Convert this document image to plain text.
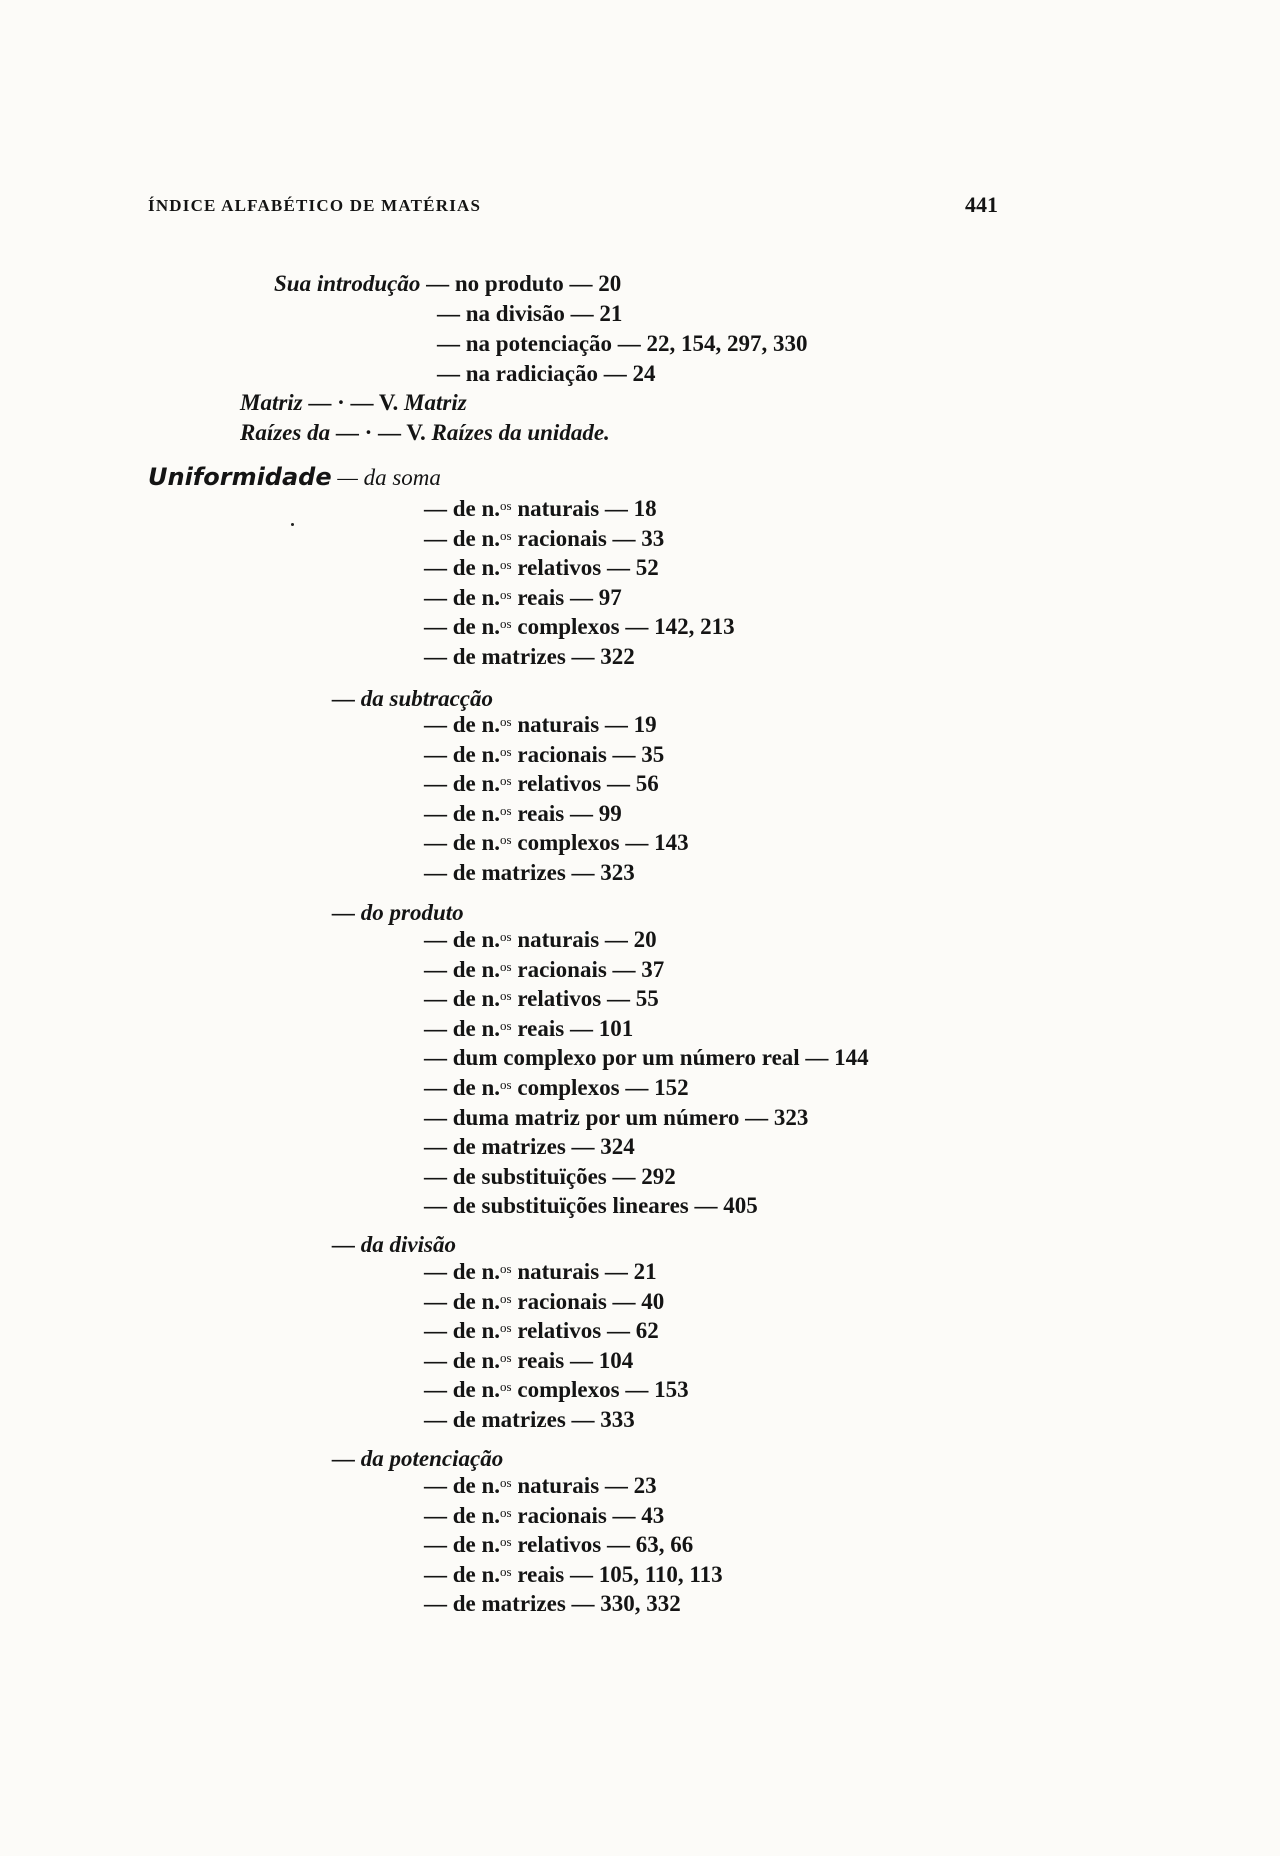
ÍNDICE ALFABÉTICO DE MATÉRIAS	441
Sua introdução — no produto — 20
— na divisão — 21
— na potenciação — 22, 154, 297, 330
— na radiciação — 24
Matriz — · — V. Matriz
Raízes da — · — V. Raízes da unidade.
Uniformidade — da soma
— de n.$^{os}$ naturais — 18
— de n.$^{os}$ racionais — 33
— de n.$^{os}$ relativos — 52
— de n.$^{os}$ reais — 97
— de n.$^{os}$ complexos — 142, 213
— de matrizes — 322
— da subtracção
— de n.$^{os}$ naturais — 19
— de n.$^{os}$ racionais — 35
— de n.$^{os}$ relativos — 56
— de n.$^{os}$ reais — 99
— de n.$^{os}$ complexos — 143
— de matrizes — 323
— do produto
— de n.$^{os}$ naturais — 20
— de n.$^{os}$ racionais — 37
— de n.$^{os}$ relativos — 55
— de n.$^{os}$ reais — 101
— dum complexo por um número real — 144
— de n.$^{os}$ complexos — 152
— duma matriz por um número — 323
— de matrizes — 324
— de substituïções — 292
— de substituïções lineares — 405
— da divisão
— de n.$^{os}$ naturais — 21
— de n.$^{os}$ racionais — 40
— de n.$^{os}$ relativos — 62
— de n.$^{os}$ reais — 104
— de n.$^{os}$ complexos — 153
— de matrizes — 333
— da potenciação
— de n.$^{os}$ naturais — 23
— de n.$^{os}$ racionais — 43
— de n.$^{os}$ relativos — 63, 66
— de n.$^{os}$ reais — 105, 110, 113
— de matrizes — 330, 332
